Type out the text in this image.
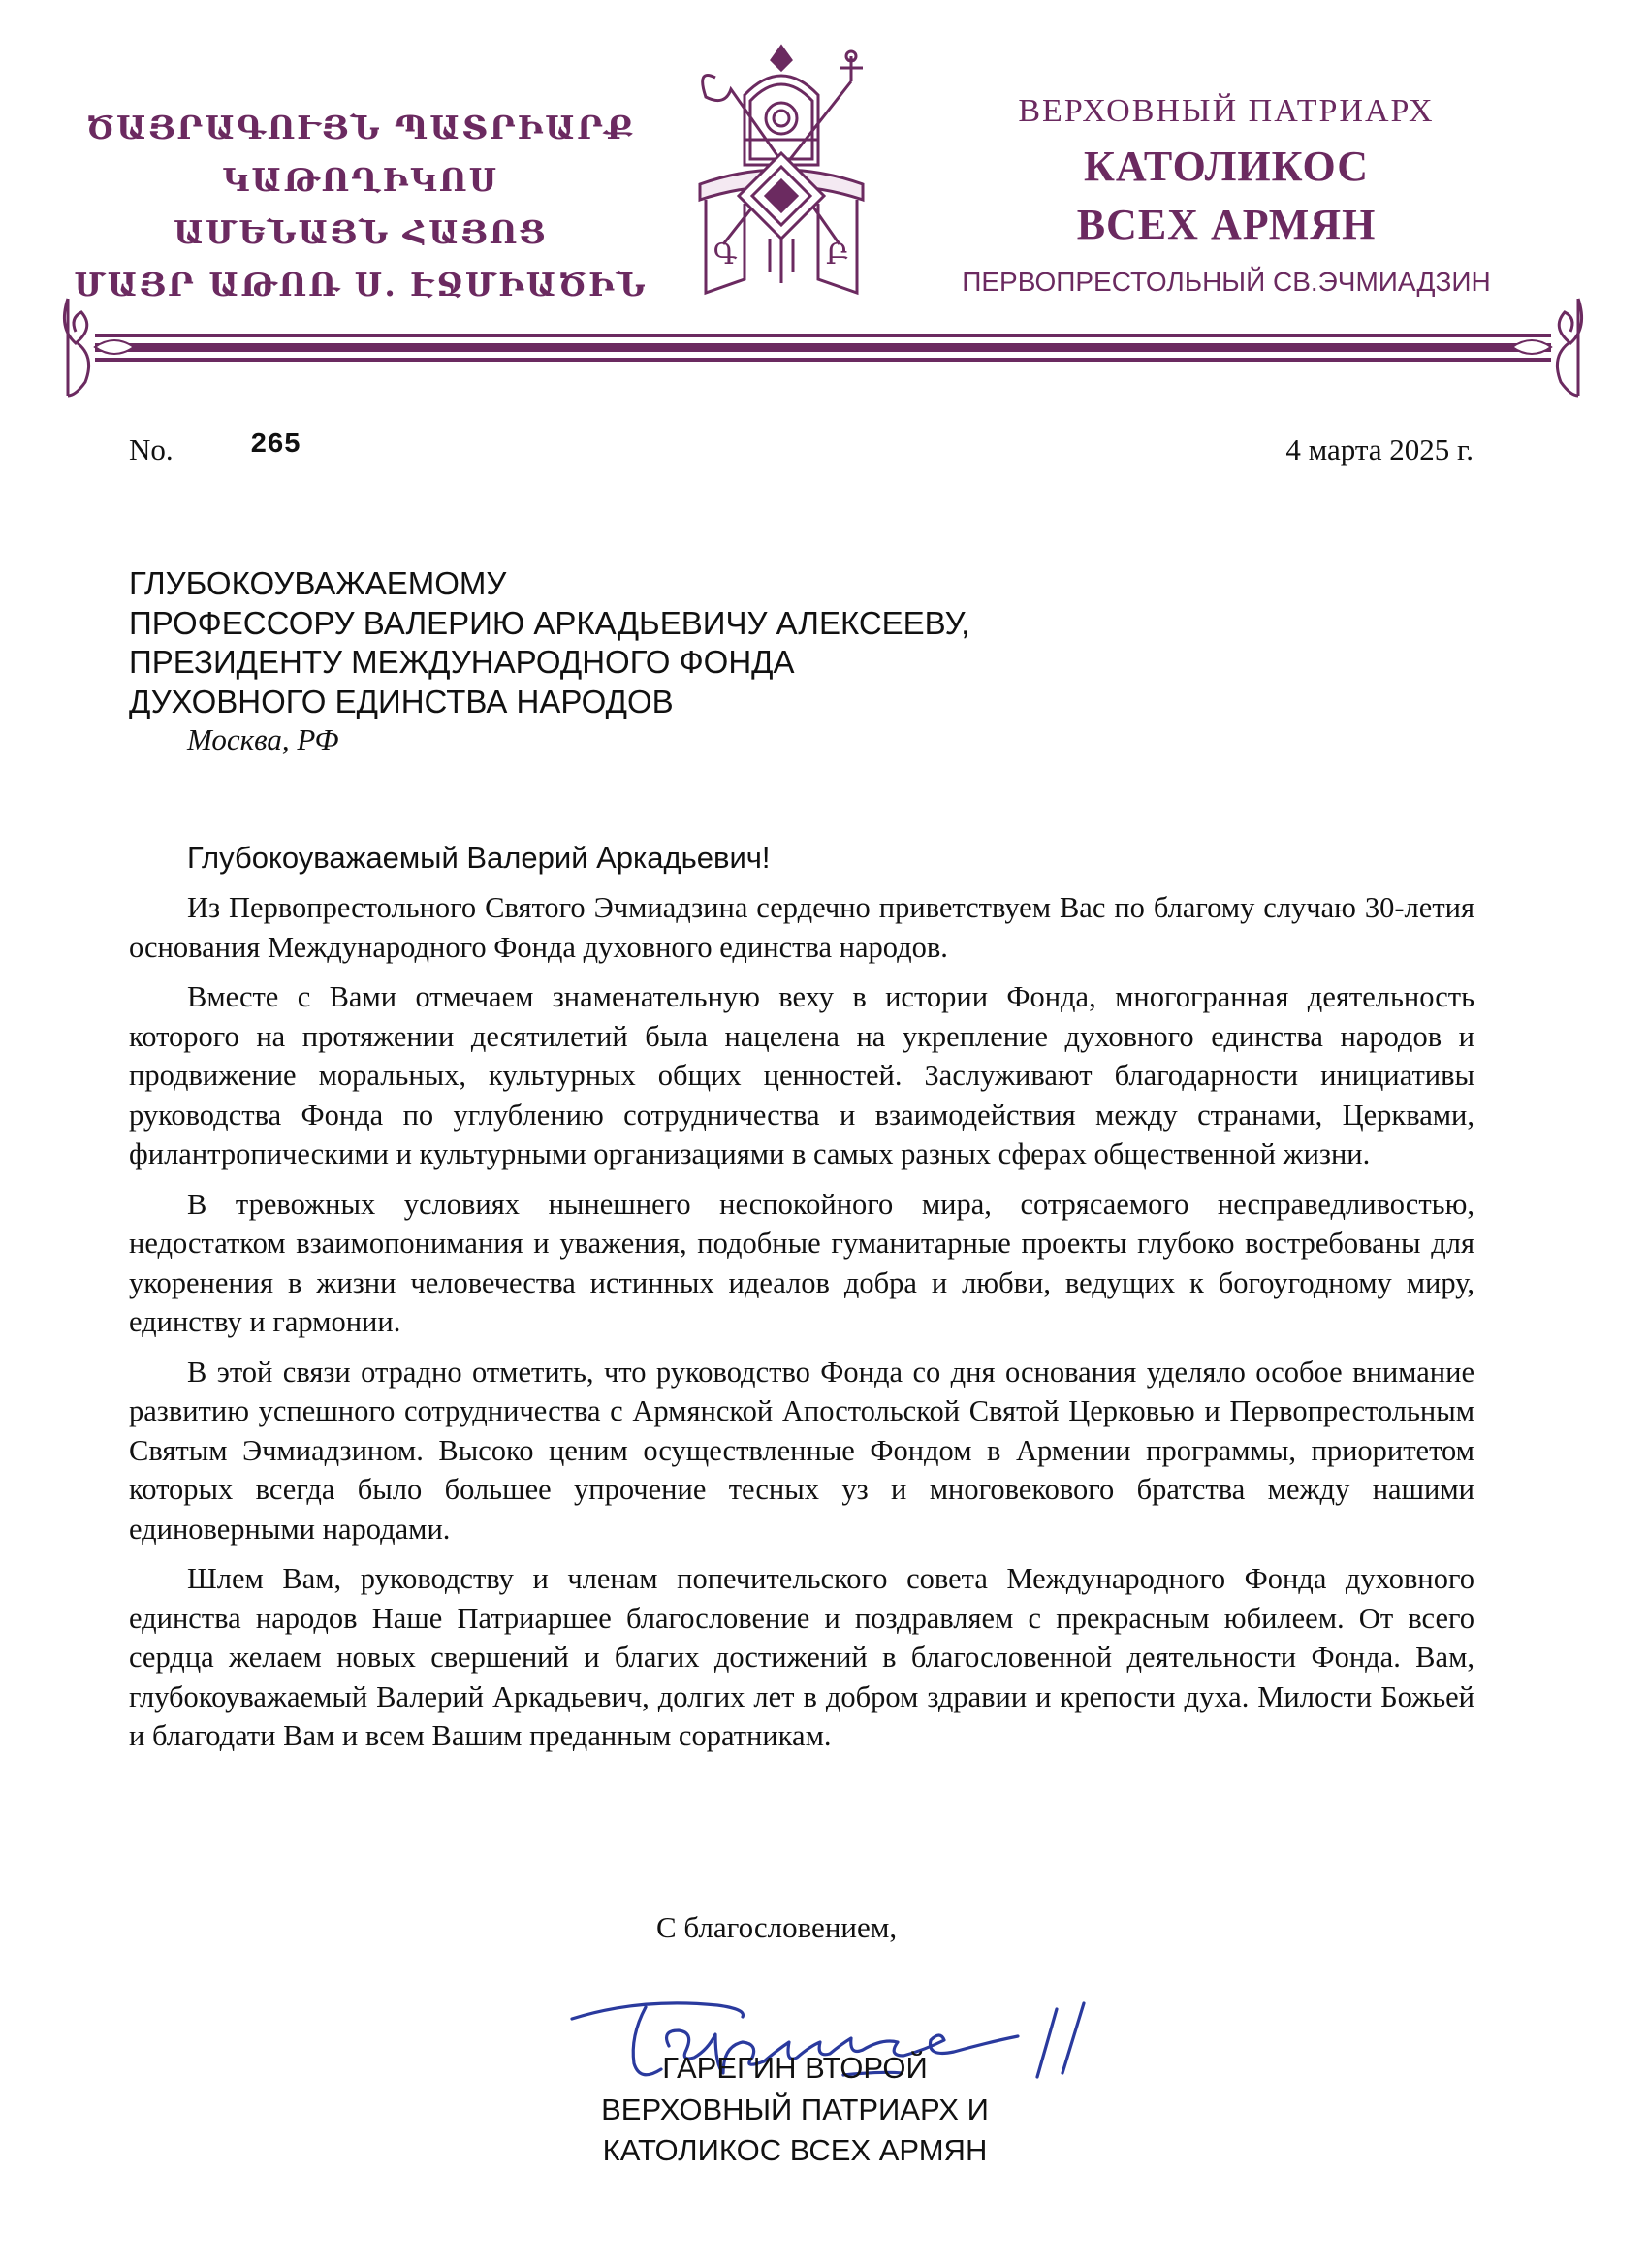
ԾԱՅՐԱԳՈՒՅՆ ՊԱՏՐԻԱՐՔ
ԿԱԹՈՂԻԿՈՍ
ԱՄԵՆԱՅՆ ՀԱՅՈՑ
ՄԱՅՐ ԱԹՈՌ Ս. ԷՋՄԻԱԾԻՆ
Գ	Բ
ВЕРХОВНЫЙ ПАТРИАРХ
КАТОЛИКОС
ВСЕХ АРМЯН
ПЕРВОПРЕСТОЛЬНЫЙ СВ.ЭЧМИАДЗИН
No.	265	4 марта 2025 г.
ГЛУБОКОУВАЖАЕМОМУ
ПРОФЕССОРУ ВАЛЕРИЮ АРКАДЬЕВИЧУ АЛЕКСЕЕВУ,
ПРЕЗИДЕНТУ МЕЖДУНАРОДНОГО ФОНДА
ДУХОВНОГО ЕДИНСТВА НАРОДОВ
Москва, РФ
Глубокоуважаемый Валерий Аркадьевич!

Из Первопрестольного Святого Эчмиадзина сердечно приветствуем Вас по благому случаю 30-летия основания Международного Фонда духовного единства народов.

Вместе с Вами отмечаем знаменательную веху в истории Фонда, многогранная деятельность которого на протяжении десятилетий была нацелена на укрепление духовного единства народов и продвижение моральных, культурных общих ценностей. Заслуживают благодарности инициативы руководства Фонда по углублению сотрудничества и взаимодействия между странами, Церквами, филантропическими и культурными организациями в самых разных сферах общественной жизни.

В тревожных условиях нынешнего неспокойного мира, сотрясаемого несправедливостью, недостатком взаимопонимания и уважения, подобные гуманитарные проекты глубоко востребованы для укоренения в жизни человечества истинных идеалов добра и любви, ведущих к богоугодному миру, единству и гармонии.

В этой связи отрадно отметить, что руководство Фонда со дня основания уделяло особое внимание развитию успешного сотрудничества с Армянской Апостольской Святой Церковью и Первопрестольным Святым Эчмиадзином. Высоко ценим осуществленные Фондом в Армении программы, приоритетом которых всегда было большее упрочение тесных уз и многовекового братства между нашими единоверными народами.

Шлем Вам, руководству и членам попечительского совета Международного Фонда духовного единства народов Наше Патриаршее благословение и поздравляем с прекрасным юбилеем. От всего сердца желаем новых свершений и благих достижений в благословенной деятельности Фонда. Вам, глубокоуважаемый Валерий Аркадьевич, долгих лет в добром здравии и крепости духа. Милости Божьей и благодати Вам и всем Вашим преданным соратникам.

С благословением,
ГАРЕГИН ВТОРОЙ
ВЕРХОВНЫЙ ПАТРИАРХ И
КАТОЛИКОС ВСЕХ АРМЯН
